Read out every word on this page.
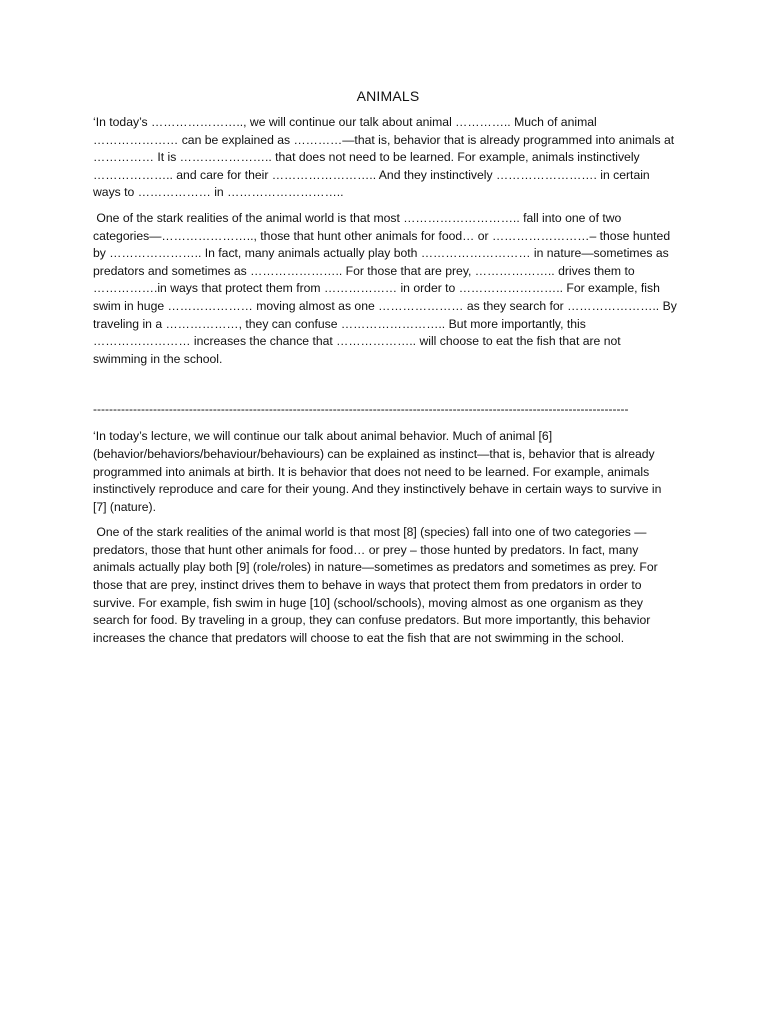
ANIMALS

‘In today’s ………………….., we will continue our talk about animal ………….. Much of animal ………………… can be explained as …………—that is, behavior that is already programmed into animals at …………… It is ………………….. that does not need to be learned. For example, animals instinctively ……………….. and care for their …………………….. And they instinctively ……………………. in certain ways to ……………… in ………………………..

One of the stark realities of the animal world is that most ……………………….. fall into one of two categories—………………….., those that hunt other animals for food… or ……………………– those hunted by ………………….. In fact, many animals actually play both ……………………… in nature—sometimes as predators and sometimes as ………………….. For those that are prey, ……………….. drives them to …………….in ways that protect them from ……………… in order to …………………….. For example, fish swim in huge ………………… moving almost as one ………………… as they search for ………………….. By traveling in a ………………, they can confuse …………………….. But more importantly, this …………………… increases the chance that ……………….. will choose to eat the fish that are not swimming in the school.

--------------------------------------------------------------------------------------------------------------------------------------

‘In today’s lecture, we will continue our talk about animal behavior. Much of animal [6] (behavior/behaviors/behaviour/behaviours) can be explained as instinct—that is, behavior that is already programmed into animals at birth. It is behavior that does not need to be learned. For example, animals instinctively reproduce and care for their young. And they instinctively behave in certain ways to survive in [7] (nature).

One of the stark realities of the animal world is that most [8] (species) fall into one of two categories —predators, those that hunt other animals for food… or prey – those hunted by predators. In fact, many animals actually play both [9] (role/roles) in nature—sometimes as predators and sometimes as prey. For those that are prey, instinct drives them to behave in ways that protect them from predators in order to survive. For example, fish swim in huge [10] (school/schools), moving almost as one organism as they search for food. By traveling in a group, they can confuse predators. But more importantly, this behavior increases the chance that predators will choose to eat the fish that are not swimming in the school.
